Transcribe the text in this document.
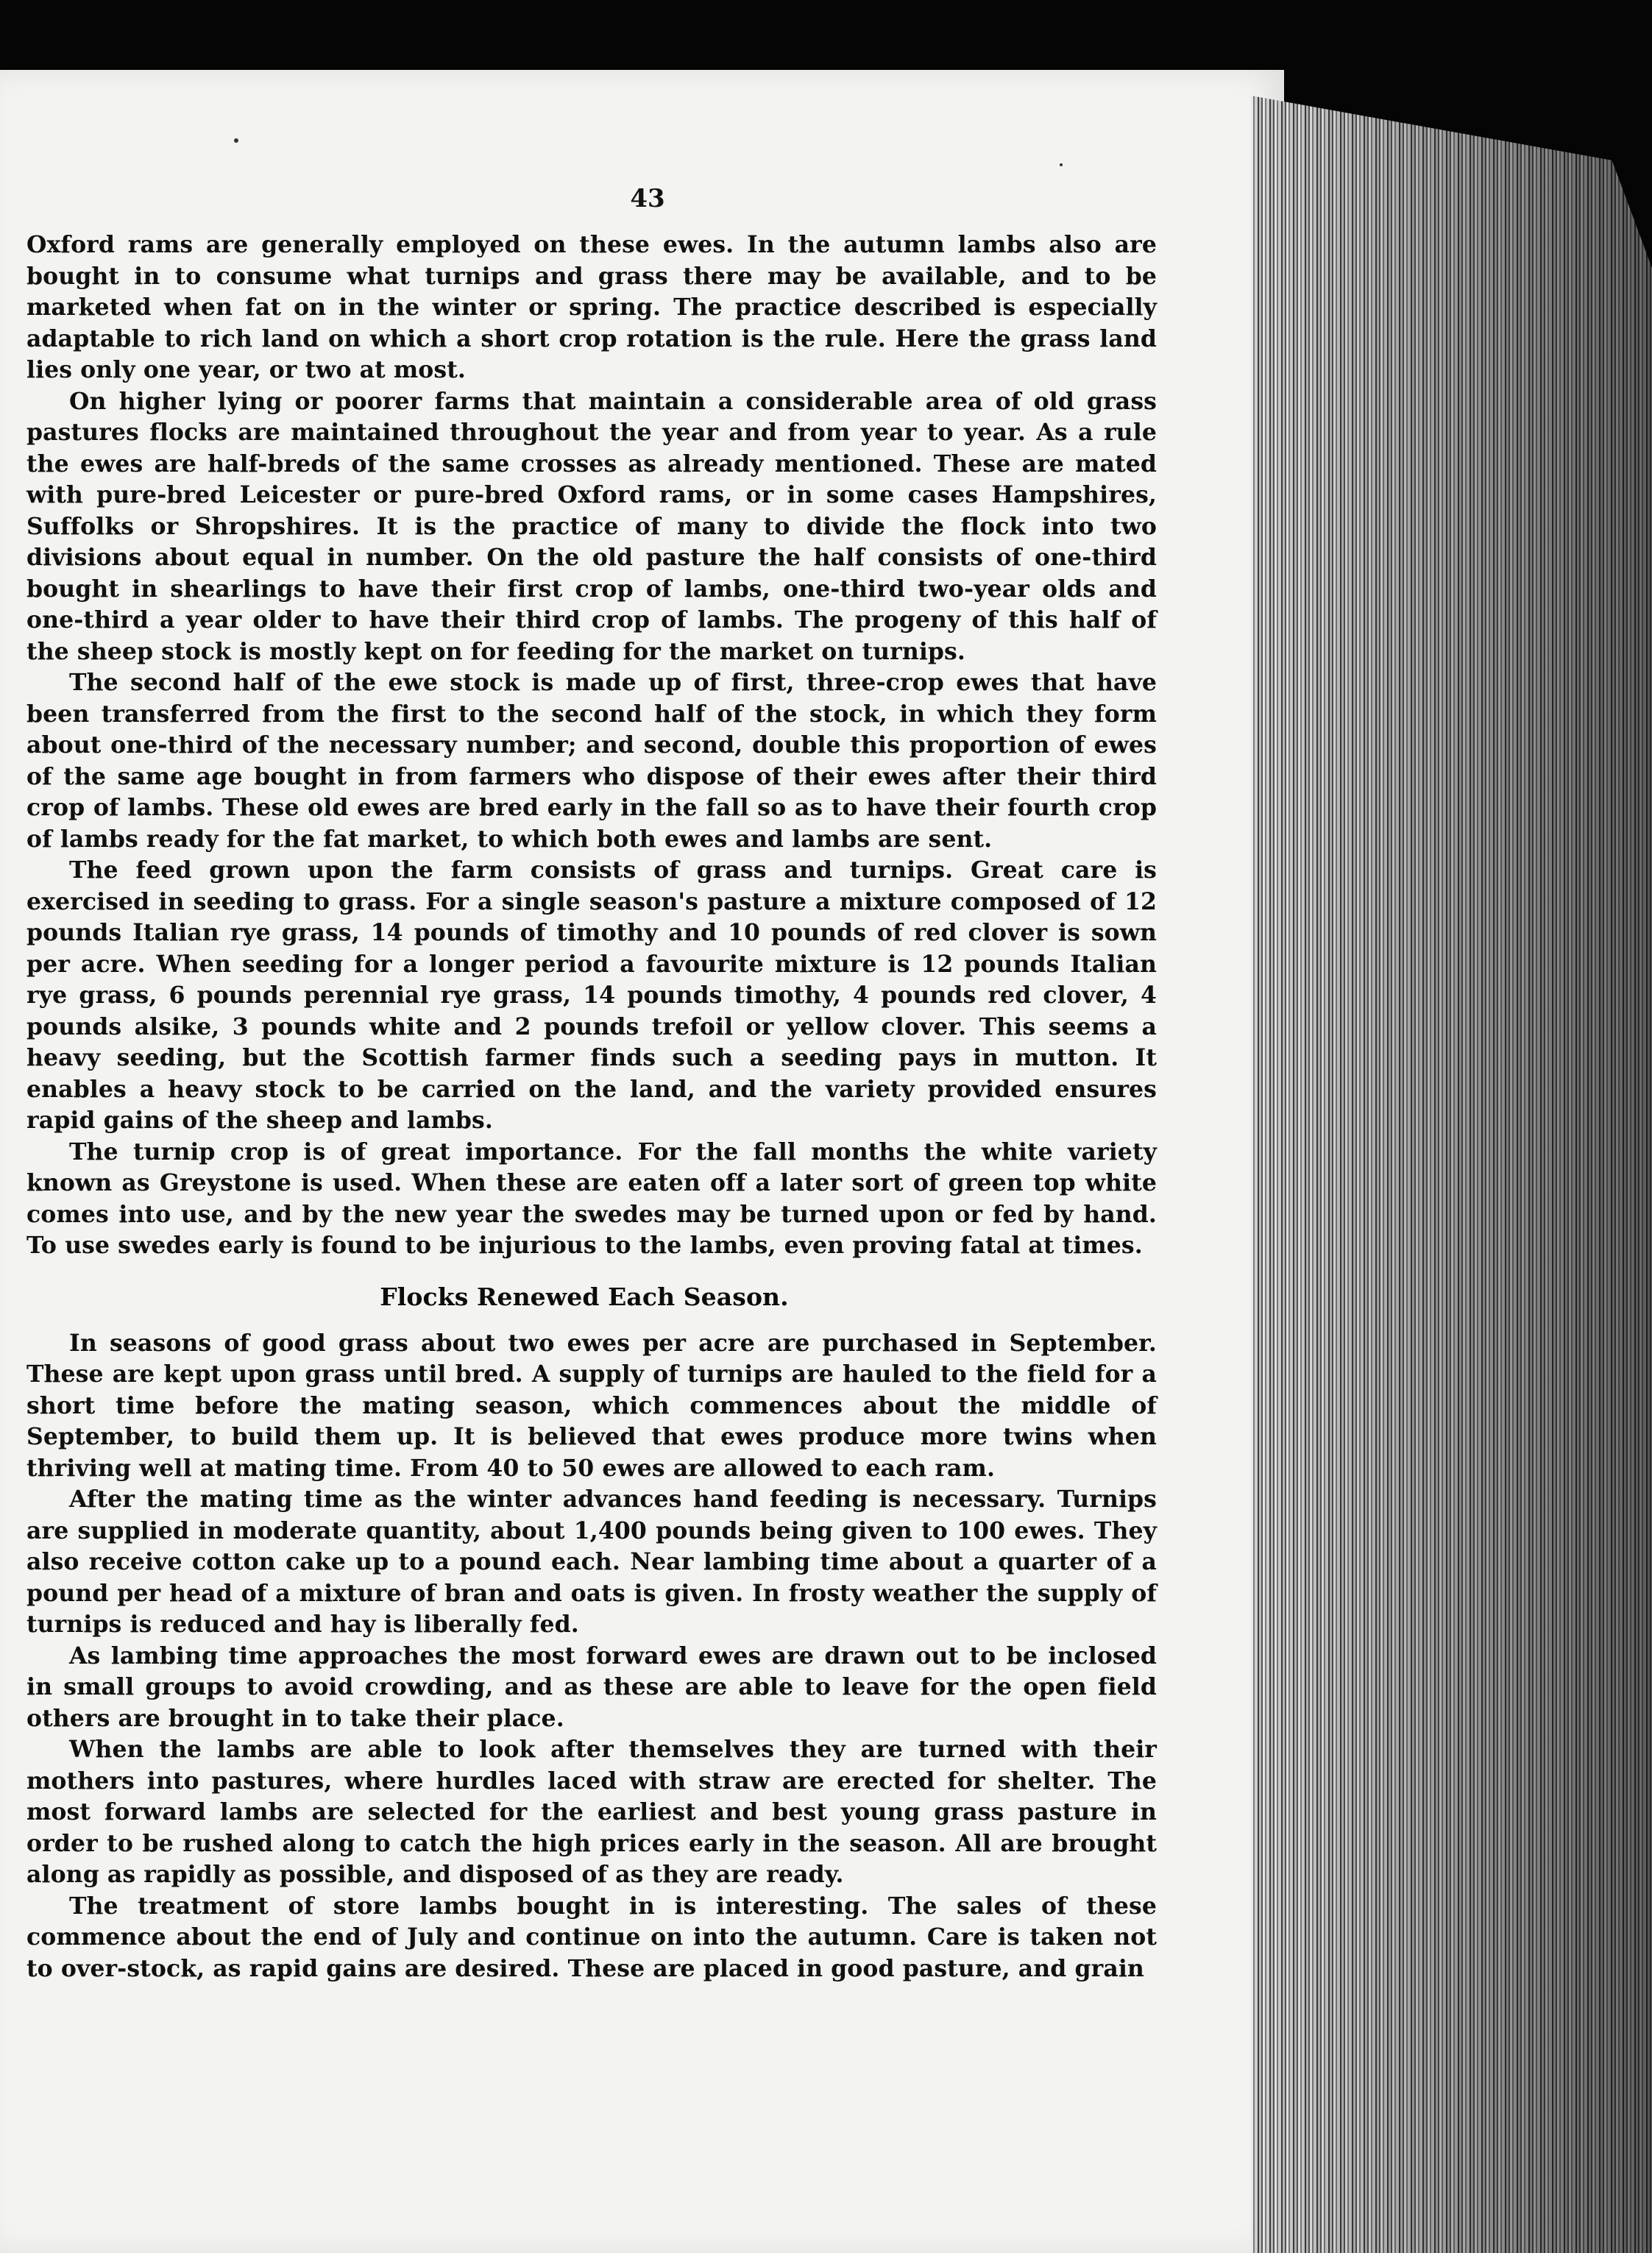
43

Oxford rams are generally employed on these ewes. In the autumn lambs also are bought in to consume what turnips and grass there may be available, and to be marketed when fat on in the winter or spring. The practice described is especially adaptable to rich land on which a short crop rotation is the rule. Here the grass land lies only one year, or two at most.

On higher lying or poorer farms that maintain a considerable area of old grass pastures flocks are maintained throughout the year and from year to year. As a rule the ewes are half-breds of the same crosses as already mentioned. These are mated with pure-bred Leicester or pure-bred Oxford rams, or in some cases Hampshires, Suffolks or Shropshires. It is the practice of many to divide the flock into two divisions about equal in number. On the old pasture the half consists of one-third bought in shearlings to have their first crop of lambs, one-third two-year olds and one-third a year older to have their third crop of lambs. The progeny of this half of the sheep stock is mostly kept on for feeding for the market on turnips.

The second half of the ewe stock is made up of first, three-crop ewes that have been transferred from the first to the second half of the stock, in which they form about one-third of the necessary number; and second, double this proportion of ewes of the same age bought in from farmers who dispose of their ewes after their third crop of lambs. These old ewes are bred early in the fall so as to have their fourth crop of lambs ready for the fat market, to which both ewes and lambs are sent.

The feed grown upon the farm consists of grass and turnips. Great care is exercised in seeding to grass. For a single season's pasture a mixture composed of 12 pounds Italian rye grass, 14 pounds of timothy and 10 pounds of red clover is sown per acre. When seeding for a longer period a favourite mixture is 12 pounds Italian rye grass, 6 pounds perennial rye grass, 14 pounds timothy, 4 pounds red clover, 4 pounds alsike, 3 pounds white and 2 pounds trefoil or yellow clover. This seems a heavy seeding, but the Scottish farmer finds such a seeding pays in mutton. It enables a heavy stock to be carried on the land, and the variety provided ensures rapid gains of the sheep and lambs.

The turnip crop is of great importance. For the fall months the white variety known as Greystone is used. When these are eaten off a later sort of green top white comes into use, and by the new year the swedes may be turned upon or fed by hand. To use swedes early is found to be injurious to the lambs, even proving fatal at times.

Flocks Renewed Each Season.

In seasons of good grass about two ewes per acre are purchased in September. These are kept upon grass until bred. A supply of turnips are hauled to the field for a short time before the mating season, which commences about the middle of September, to build them up. It is believed that ewes produce more twins when thriving well at mating time. From 40 to 50 ewes are allowed to each ram.

After the mating time as the winter advances hand feeding is necessary. Turnips are supplied in moderate quantity, about 1,400 pounds being given to 100 ewes. They also receive cotton cake up to a pound each. Near lambing time about a quarter of a pound per head of a mixture of bran and oats is given. In frosty weather the supply of turnips is reduced and hay is liberally fed.

As lambing time approaches the most forward ewes are drawn out to be inclosed in small groups to avoid crowding, and as these are able to leave for the open field others are brought in to take their place.

When the lambs are able to look after themselves they are turned with their mothers into pastures, where hurdles laced with straw are erected for shelter. The most forward lambs are selected for the earliest and best young grass pasture in order to be rushed along to catch the high prices early in the season. All are brought along as rapidly as possible, and disposed of as they are ready.

The treatment of store lambs bought in is interesting. The sales of these commence about the end of July and continue on into the autumn. Care is taken not to over-stock, as rapid gains are desired. These are placed in good pasture, and grain
